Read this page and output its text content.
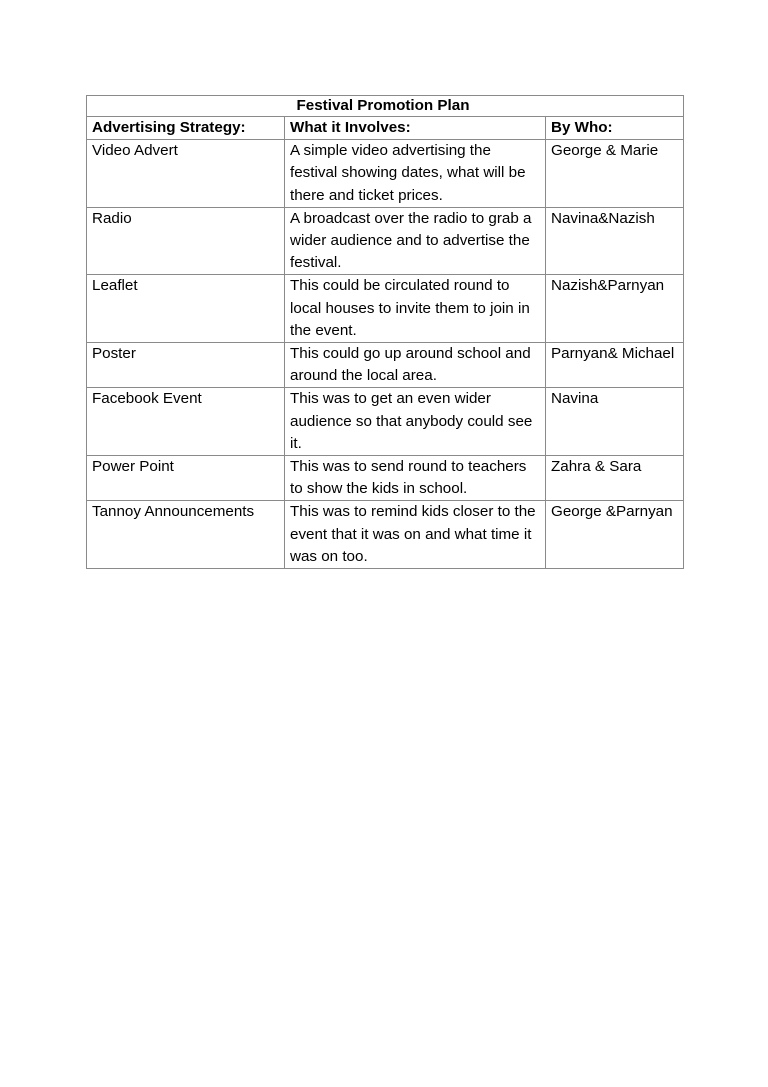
Festival Promotion Plan		
Advertising Strategy:	What it Involves:	By Who:
Video Advert	A simple video advertising the festival showing dates, what will be there and ticket prices.	George & Marie
Radio	A broadcast over the radio to grab a wider audience and to advertise the festival.	Navina&Nazish
Leaflet	This could be circulated round to local houses to invite them to join in the event.	Nazish&Parnyan
Poster	This could go up around school and around the local area.	Parnyan& Michael
Facebook Event	This was to get an even wider audience so that anybody could see it.	Navina
Power Point	This was to send round to teachers to show the kids in school.	Zahra & Sara
Tannoy Announcements	This was to remind kids closer to the event that it was on and what time it was on too.	George &Parnyan
